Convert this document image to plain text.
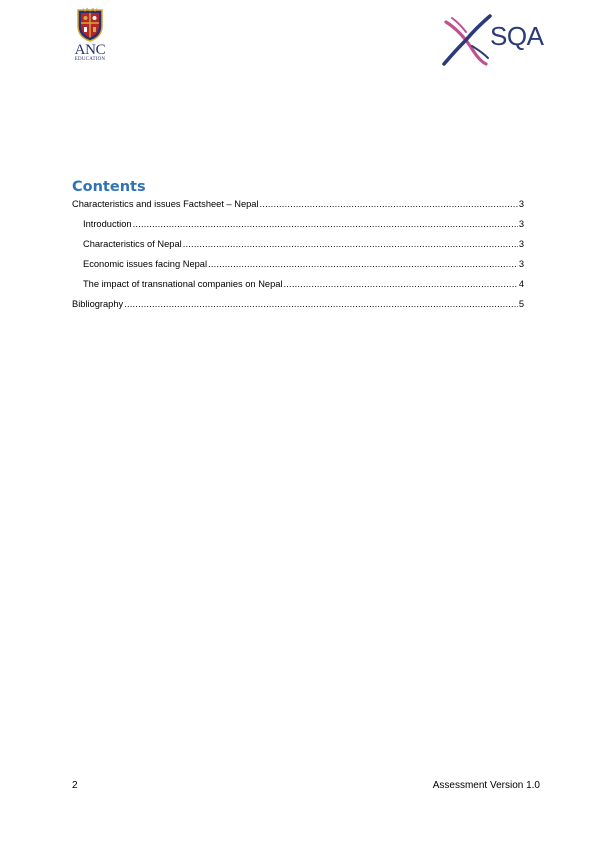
ANC
EDUCATION
SQA
Contents
Characteristics and issues Factsheet – Nepal .....	3
Introduction .....	3
Characteristics of Nepal .....	3
Economic issues facing Nepal .....	3
The impact of transnational companies on Nepal .....	4
Bibliography .....	5
2	Assessment Version 1.0
